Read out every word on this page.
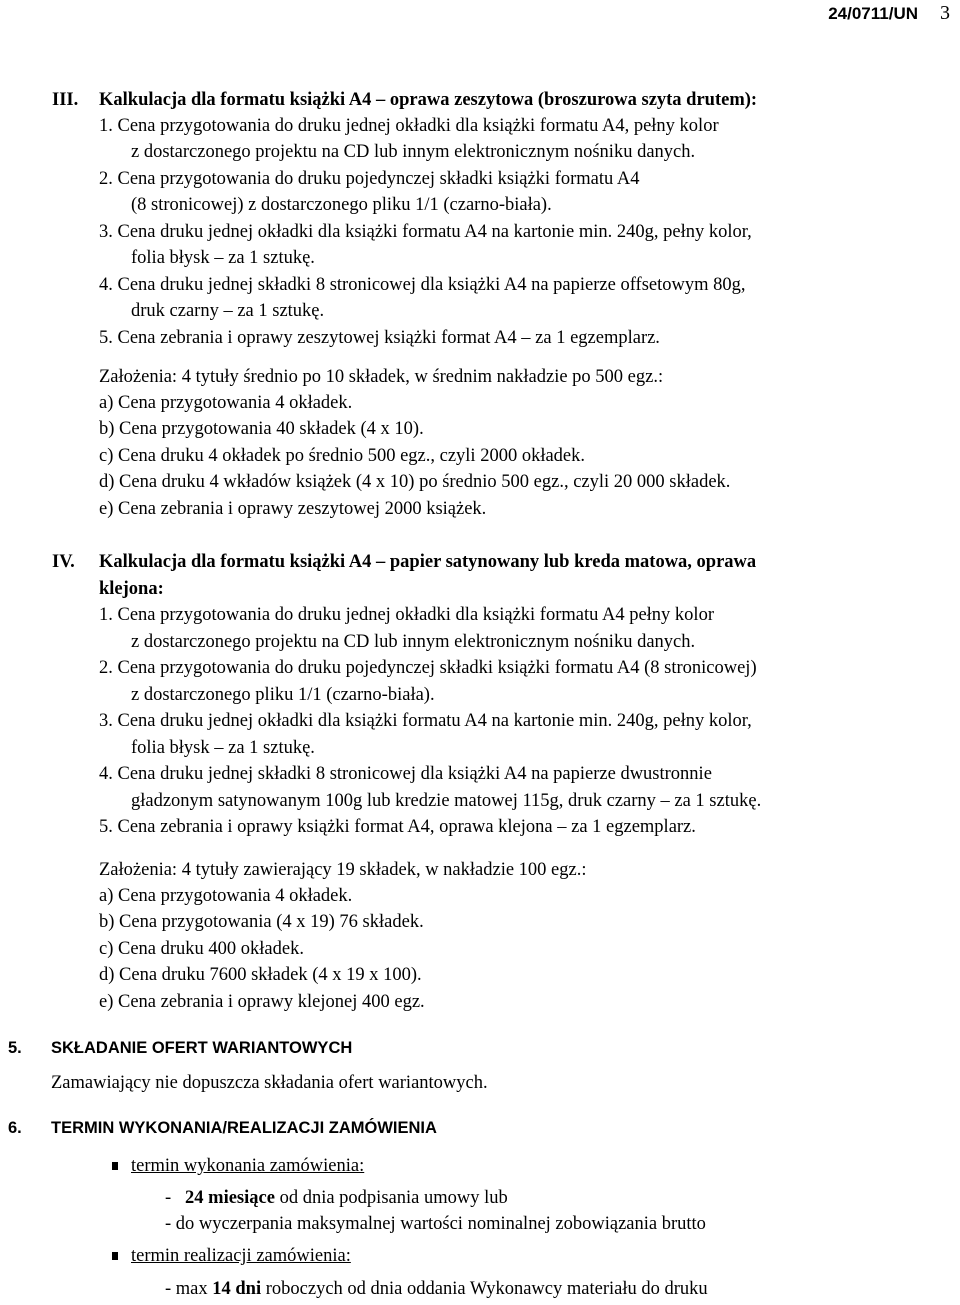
24/0711/UN 3
III. Kalkulacja dla formatu książki A4 – oprawa zeszytowa (broszurowa szyta drutem):
1. Cena przygotowania do druku jednej okładki dla książki formatu A4, pełny kolor
z dostarczonego projektu na CD lub innym elektronicznym nośniku danych.
2. Cena przygotowania do druku pojedynczej składki książki formatu A4
(8 stronicowej) z dostarczonego pliku 1/1 (czarno-biała).
3. Cena druku jednej okładki dla książki formatu A4 na kartonie min. 240g, pełny kolor,
folia błysk – za 1 sztukę.
4. Cena druku jednej składki 8 stronicowej dla książki A4 na papierze offsetowym 80g,
druk czarny – za 1 sztukę.
5. Cena zebrania i oprawy zeszytowej książki format A4 – za 1 egzemplarz.
Założenia: 4 tytuły średnio po 10 składek, w średnim nakładzie po 500 egz.:
a) Cena przygotowania 4 okładek.
b) Cena przygotowania 40 składek (4 x 10).
c) Cena druku 4 okładek po średnio 500 egz., czyli 2000 okładek.
d) Cena druku 4 wkładów książek (4 x 10) po średnio 500 egz., czyli 20 000 składek.
e) Cena zebrania i oprawy zeszytowej 2000 książek.
IV. Kalkulacja dla formatu książki A4 – papier satynowany lub kreda matowa, oprawa
klejona:
1. Cena przygotowania do druku jednej okładki dla książki formatu A4 pełny kolor
z dostarczonego projektu na CD lub innym elektronicznym nośniku danych.
2. Cena przygotowania do druku pojedynczej składki książki formatu A4 (8 stronicowej)
z dostarczonego pliku 1/1 (czarno-biała).
3. Cena druku jednej okładki dla książki formatu A4 na kartonie min. 240g, pełny kolor,
folia błysk – za 1 sztukę.
4. Cena druku jednej składki 8 stronicowej dla książki A4 na papierze dwustronnie
gładzonym satynowanym 100g lub kredzie matowej 115g, druk czarny – za 1 sztukę.
5. Cena zebrania i oprawy książki format A4, oprawa klejona – za 1 egzemplarz.
Założenia: 4 tytuły zawierający 19 składek, w nakładzie 100 egz.:
a) Cena przygotowania 4 okładek.
b) Cena przygotowania (4 x 19) 76 składek.
c) Cena druku 400 okładek.
d) Cena druku 7600 składek (4 x 19 x 100).
e) Cena zebrania i oprawy klejonej 400 egz.
5. SKŁADANIE OFERT WARIANTOWYCH
Zamawiający nie dopuszcza składania ofert wariantowych.
6. TERMIN WYKONANIA/REALIZACJI ZAMÓWIENIA
termin wykonania zamówienia:
- 24 miesiące od dnia podpisania umowy lub
- do wyczerpania maksymalnej wartości nominalnej zobowiązania brutto
termin realizacji zamówienia:
- max 14 dni roboczych od dnia oddania Wykonawcy materiału do druku
